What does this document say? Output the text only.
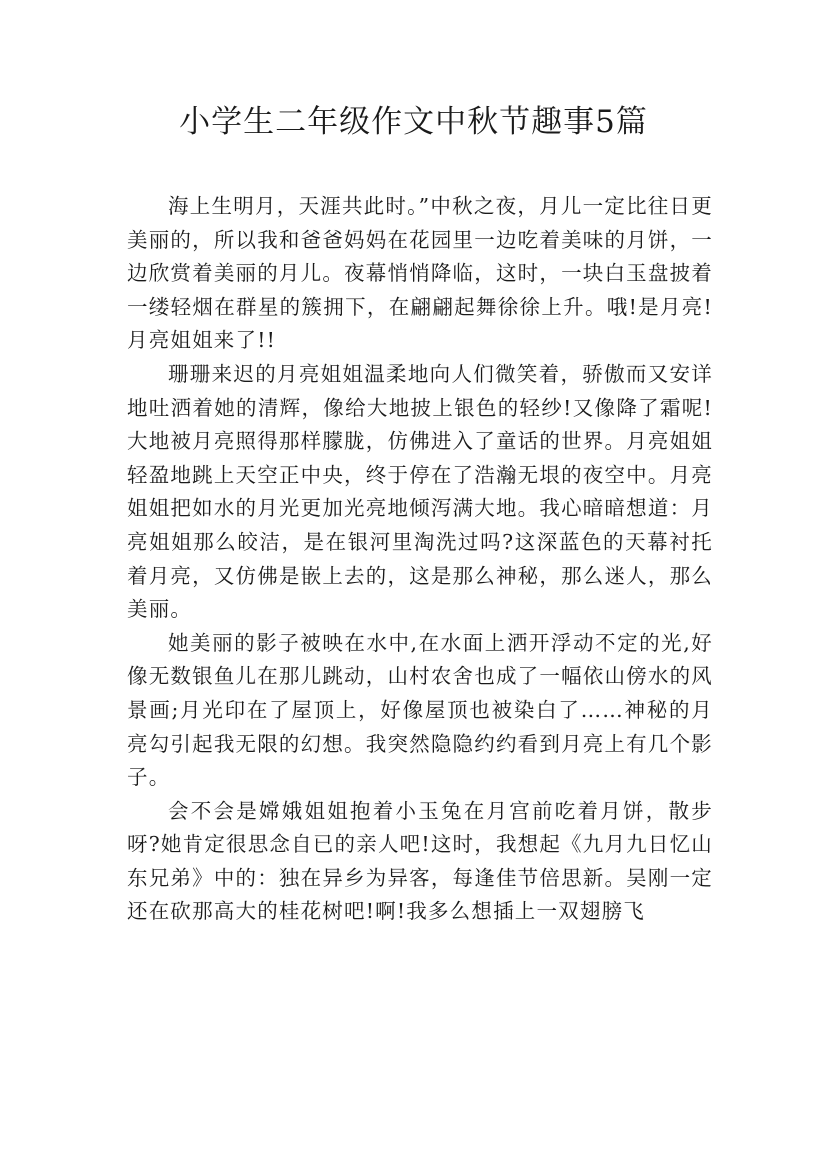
小学生二年级作文中秋节趣事5篇

海上生明月，天涯共此时。”中秋之夜，月儿一定比往日更美丽的，所以我和爸爸妈妈在花园里一边吃着美味的月饼，一边欣赏着美丽的月儿。夜幕悄悄降临，这时，一块白玉盘披着一缕轻烟在群星的簇拥下，在翩翩起舞徐徐上升。哦!是月亮!月亮姐姐来了!!

珊珊来迟的月亮姐姐温柔地向人们微笑着，骄傲而又安详地吐洒着她的清辉，像给大地披上银色的轻纱!又像降了霜呢!大地被月亮照得那样朦胧，仿佛进入了童话的世界。月亮姐姐轻盈地跳上天空正中央，终于停在了浩瀚无垠的夜空中。月亮姐姐把如水的月光更加光亮地倾泻满大地。我心暗暗想道：月亮姐姐那么皎洁，是在银河里淘洗过吗?这深蓝色的天幕衬托着月亮，又仿佛是嵌上去的，这是那么神秘，那么迷人，那么美丽。

她美丽的影子被映在水中,在水面上洒开浮动不定的光,好像无数银鱼儿在那儿跳动，山村农舍也成了一幅依山傍水的风景画;月光印在了屋顶上，好像屋顶也被染白了……神秘的月亮勾引起我无限的幻想。我突然隐隐约约看到月亮上有几个影子。

会不会是嫦娥姐姐抱着小玉兔在月宫前吃着月饼，散步呀?她肯定很思念自已的亲人吧!这时，我想起《九月九日忆山东兄弟》中的：独在异乡为异客，每逢佳节倍思新。吴刚一定还在砍那高大的桂花树吧!啊!我多么想插上一双翅膀飞
